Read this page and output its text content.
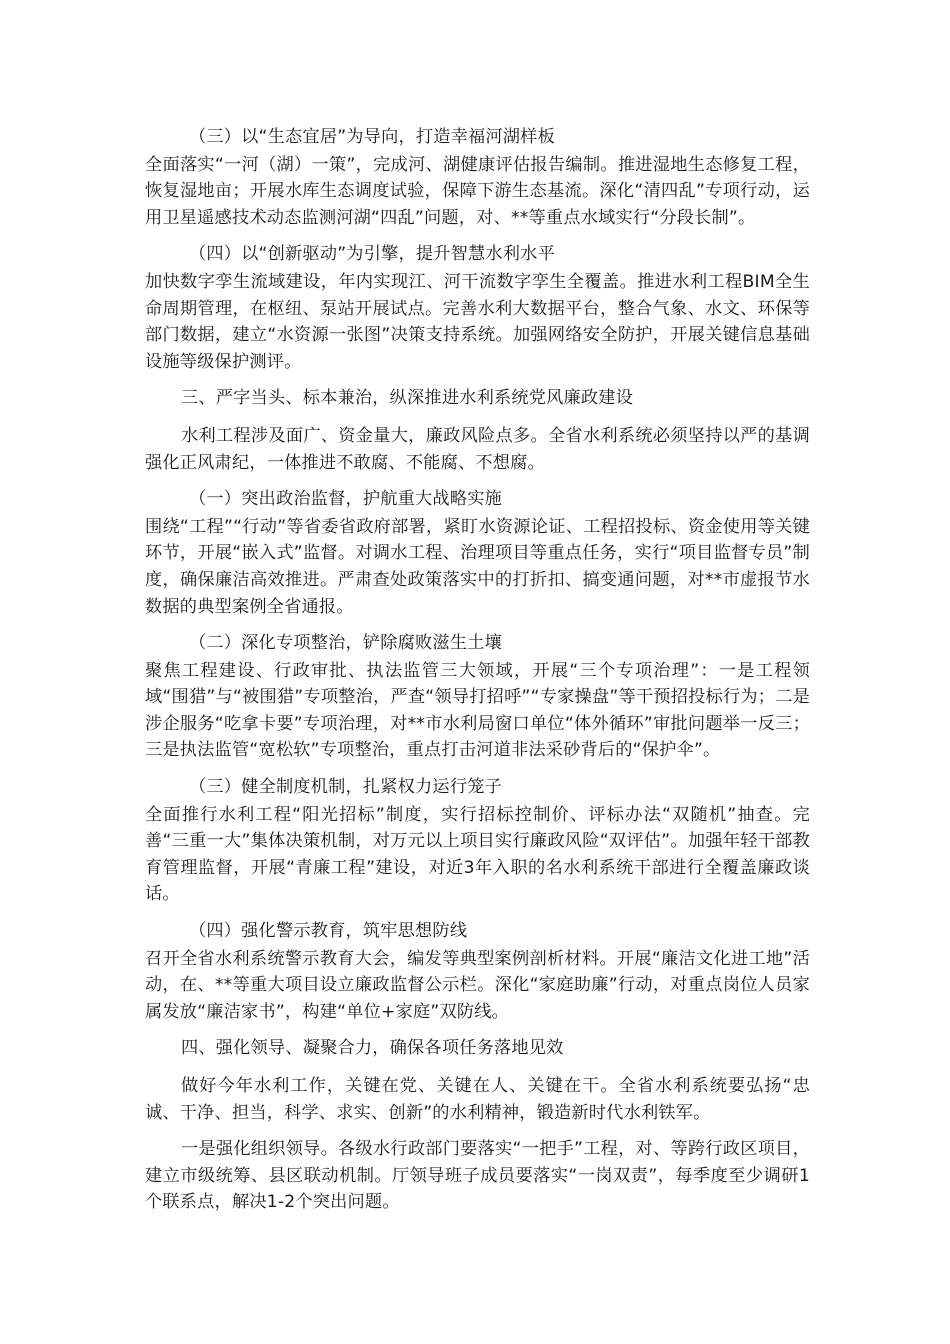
（三）以“生态宜居”为导向，打造幸福河湖样板

全面落实“一河（湖）一策”，完成河、湖健康评估报告编制。推进湿地生态修复工程，恢复湿地亩；开展水库生态调度试验，保障下游生态基流。深化“清四乱”专项行动，运用卫星遥感技术动态监测河湖“四乱”问题，对、**等重点水域实行“分段长制”。

（四）以“创新驱动”为引擎，提升智慧水利水平

加快数字孪生流域建设，年内实现江、河干流数字孪生全覆盖。推进水利工程BIM全生命周期管理，在枢纽、泵站开展试点。完善水利大数据平台，整合气象、水文、环保等部门数据，建立“水资源一张图”决策支持系统。加强网络安全防护，开展关键信息基础设施等级保护测评。

三、严字当头、标本兼治，纵深推进水利系统党风廉政建设

水利工程涉及面广、资金量大，廉政风险点多。全省水利系统必须坚持以严的基调强化正风肃纪，一体推进不敢腐、不能腐、不想腐。

（一）突出政治监督，护航重大战略实施

围绕“工程”“行动”等省委省政府部署，紧盯水资源论证、工程招投标、资金使用等关键环节，开展“嵌入式”监督。对调水工程、治理项目等重点任务，实行“项目监督专员”制度，确保廉洁高效推进。严肃查处政策落实中的打折扣、搞变通问题，对**市虚报节水数据的典型案例全省通报。

（二）深化专项整治，铲除腐败滋生土壤

聚焦工程建设、行政审批、执法监管三大领域，开展“三个专项治理”：一是工程领域“围猎”与“被围猎”专项整治，严查“领导打招呼”“专家操盘”等干预招投标行为；二是涉企服务“吃拿卡要”专项治理，对**市水利局窗口单位“体外循环”审批问题举一反三；三是执法监管“宽松软”专项整治，重点打击河道非法采砂背后的“保护伞”。

（三）健全制度机制，扎紧权力运行笼子

全面推行水利工程“阳光招标”制度，实行招标控制价、评标办法“双随机”抽查。完善“三重一大”集体决策机制，对万元以上项目实行廉政风险“双评估”。加强年轻干部教育管理监督，开展“青廉工程”建设，对近3年入职的名水利系统干部进行全覆盖廉政谈话。

（四）强化警示教育，筑牢思想防线

召开全省水利系统警示教育大会，编发等典型案例剖析材料。开展“廉洁文化进工地”活动，在、**等重大项目设立廉政监督公示栏。深化“家庭助廉”行动，对重点岗位人员家属发放“廉洁家书”，构建“单位+家庭”双防线。

四、强化领导、凝聚合力，确保各项任务落地见效

做好今年水利工作，关键在党、关键在人、关键在干。全省水利系统要弘扬“忠诚、干净、担当，科学、求实、创新”的水利精神，锻造新时代水利铁军。

一是强化组织领导。各级水行政部门要落实“一把手”工程，对、等跨行政区项目，建立市级统筹、县区联动机制。厅领导班子成员要落实“一岗双责”，每季度至少调研1个联系点，解决1-2个突出问题。
